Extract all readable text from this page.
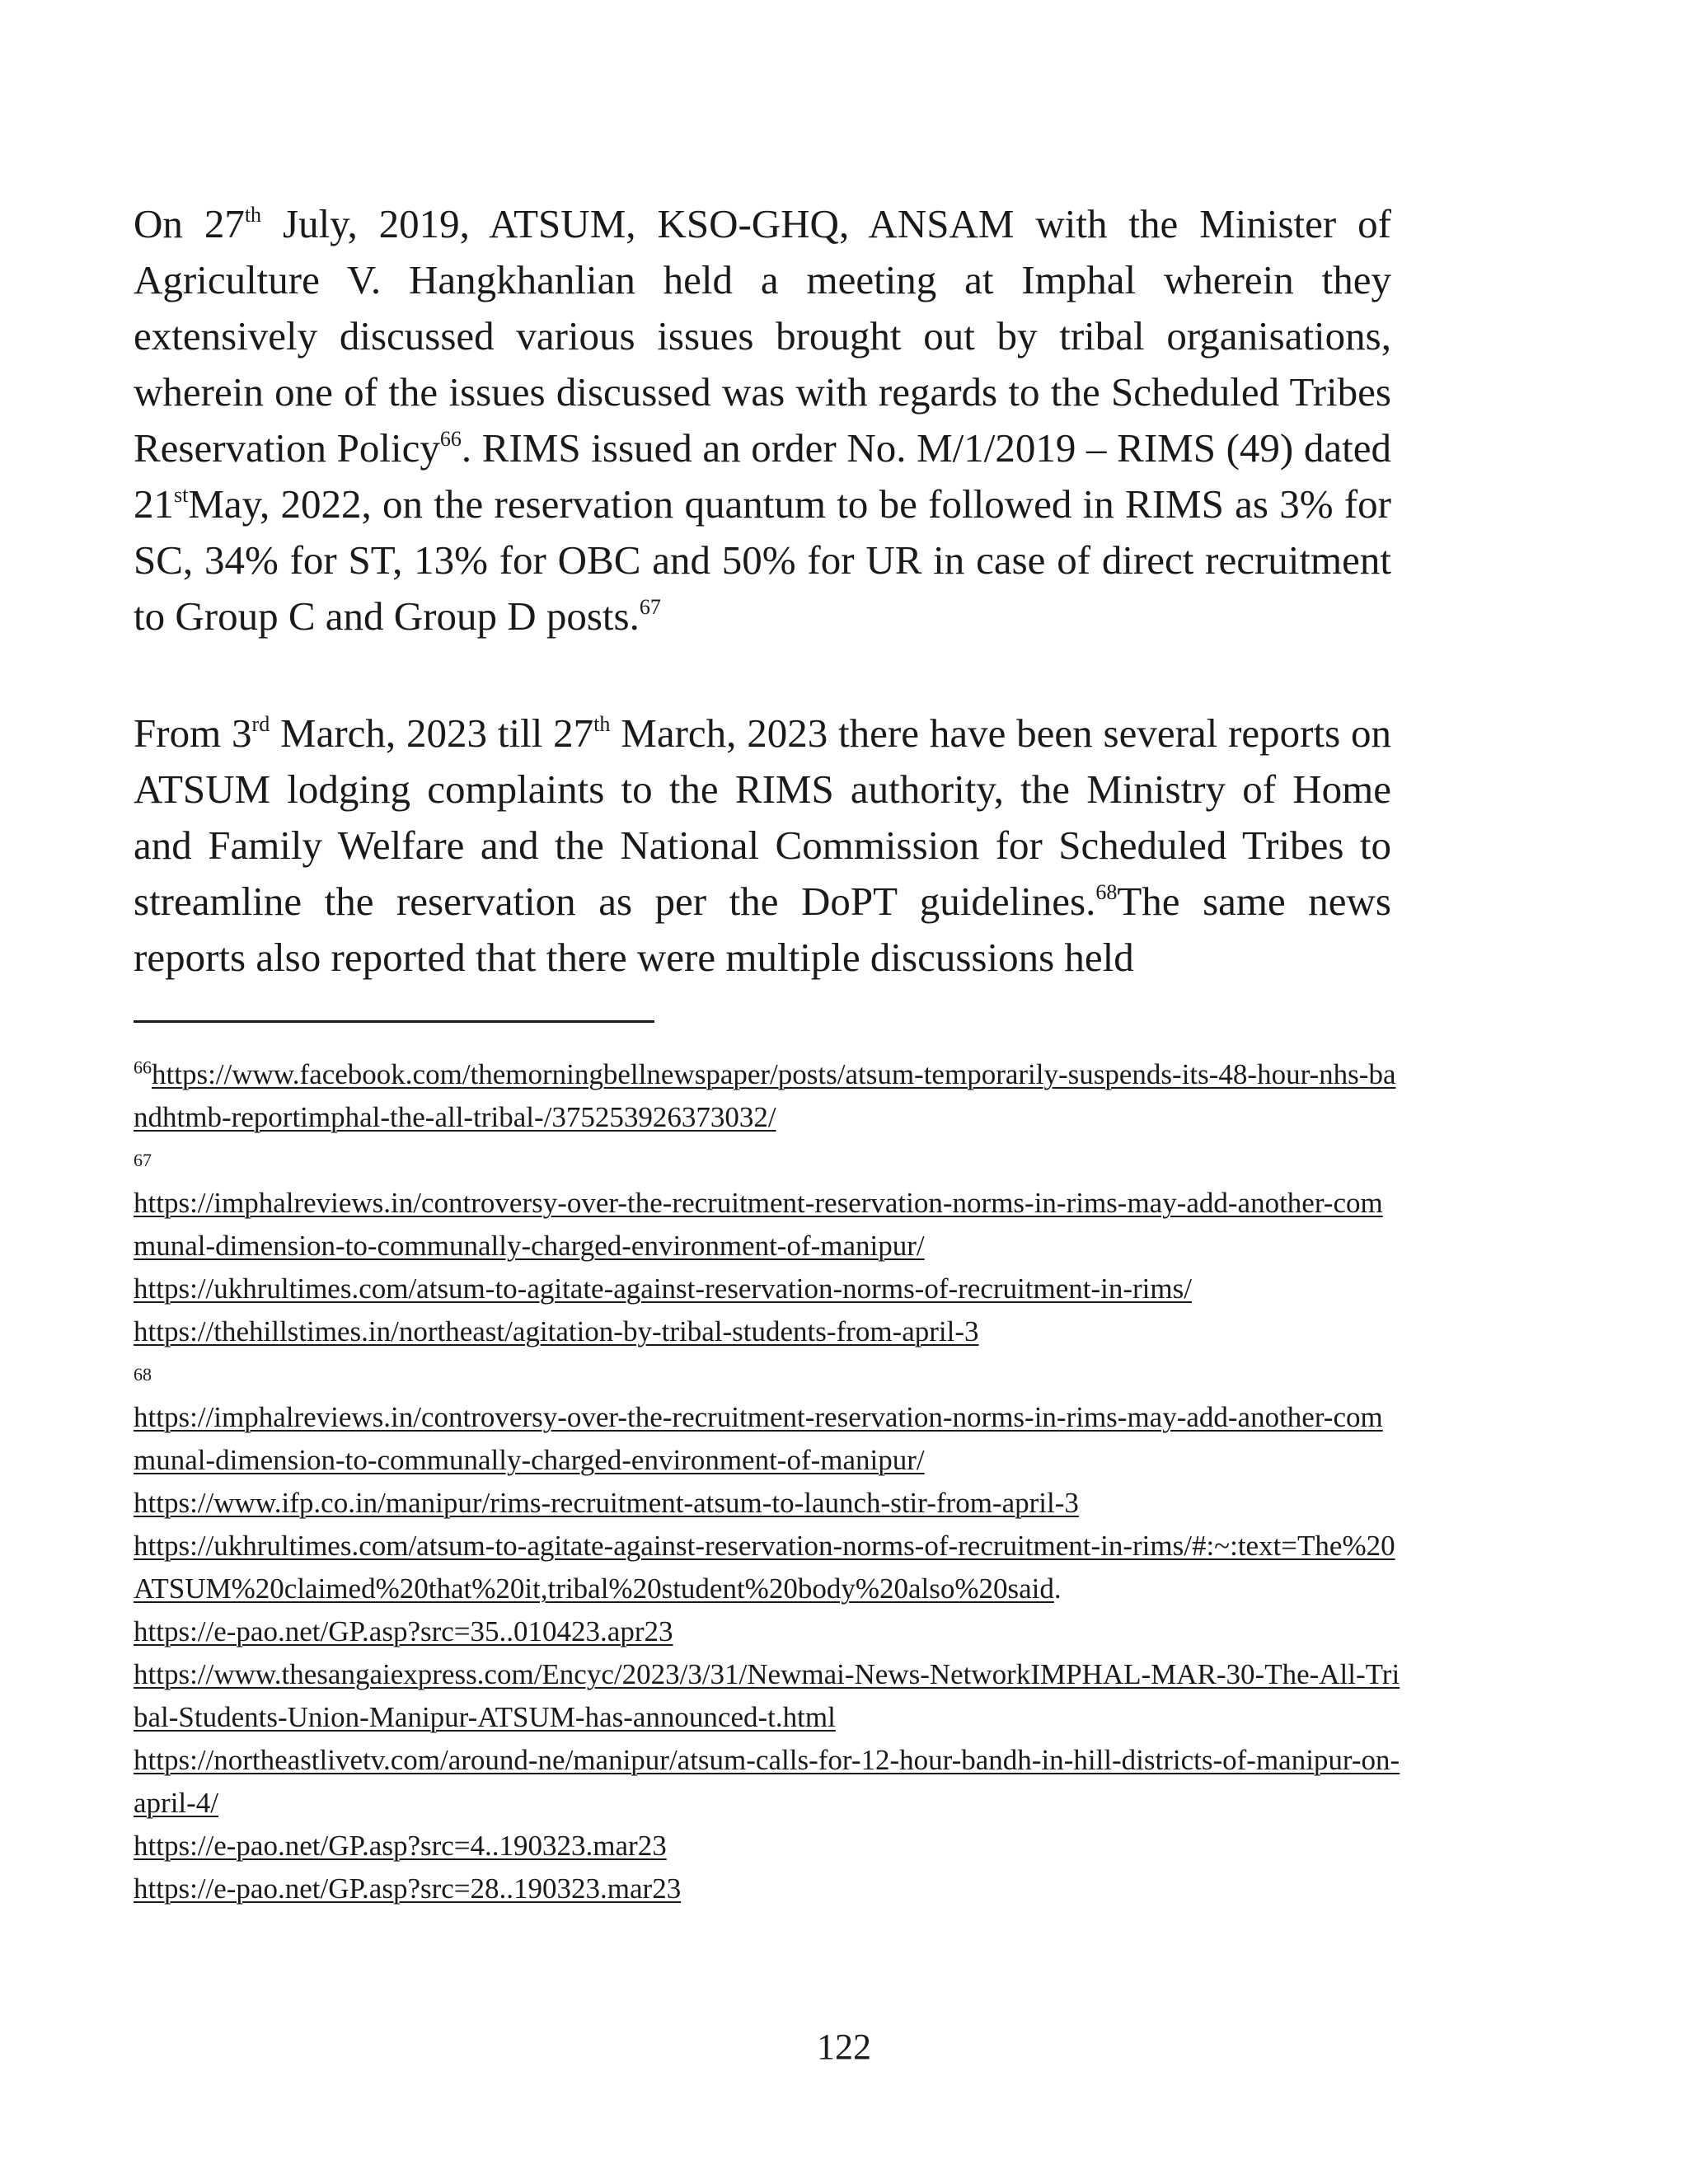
On 27th July, 2019, ATSUM, KSO-GHQ, ANSAM with the Minister of Agriculture V. Hangkhanlian held a meeting at Imphal wherein they extensively discussed various issues brought out by tribal organisations, wherein one of the issues discussed was with regards to the Scheduled Tribes Reservation Policy$^{66}$. RIMS issued an order No. M/1/2019 – RIMS (49) dated 21stMay, 2022, on the reservation quantum to be followed in RIMS as 3% for SC, 34% for ST, 13% for OBC and 50% for UR in case of direct recruitment to Group C and Group D posts.$^{67}$

From 3rd March, 2023 till 27th March, 2023 there have been several reports on ATSUM lodging complaints to the RIMS authority, the Ministry of Home and Family Welfare and the National Commission for Scheduled Tribes to streamline the reservation as per the DoPT guidelines.$^{68}$The same news reports also reported that there were multiple discussions held

$^{66}$https://www.facebook.com/themorningbellnewspaper/posts/atsum-temporarily-suspends-its-48-hour-nhs-bandhtmb-reportimphal-the-all-tribal-/375253926373032/
67
https://imphalreviews.in/controversy-over-the-recruitment-reservation-norms-in-rims-may-add-another-communal-dimension-to-communally-charged-environment-of-manipur/
https://ukhrultimes.com/atsum-to-agitate-against-reservation-norms-of-recruitment-in-rims/
https://thehillstimes.in/northeast/agitation-by-tribal-students-from-april-3
68
https://imphalreviews.in/controversy-over-the-recruitment-reservation-norms-in-rims-may-add-another-communal-dimension-to-communally-charged-environment-of-manipur/
https://www.ifp.co.in/manipur/rims-recruitment-atsum-to-launch-stir-from-april-3
https://ukhrultimes.com/atsum-to-agitate-against-reservation-norms-of-recruitment-in-rims/#:~:text=The%20ATSUM%20claimed%20that%20it,tribal%20student%20body%20also%20said.
https://e-pao.net/GP.asp?src=35..010423.apr23
https://www.thesangaiexpress.com/Encyc/2023/3/31/Newmai-News-NetworkIMPHAL-MAR-30-The-All-Tribal-Students-Union-Manipur-ATSUM-has-announced-t.html
https://northeastlivetv.com/around-ne/manipur/atsum-calls-for-12-hour-bandh-in-hill-districts-of-manipur-on-april-4/
https://e-pao.net/GP.asp?src=4..190323.mar23
https://e-pao.net/GP.asp?src=28..190323.mar23
122
